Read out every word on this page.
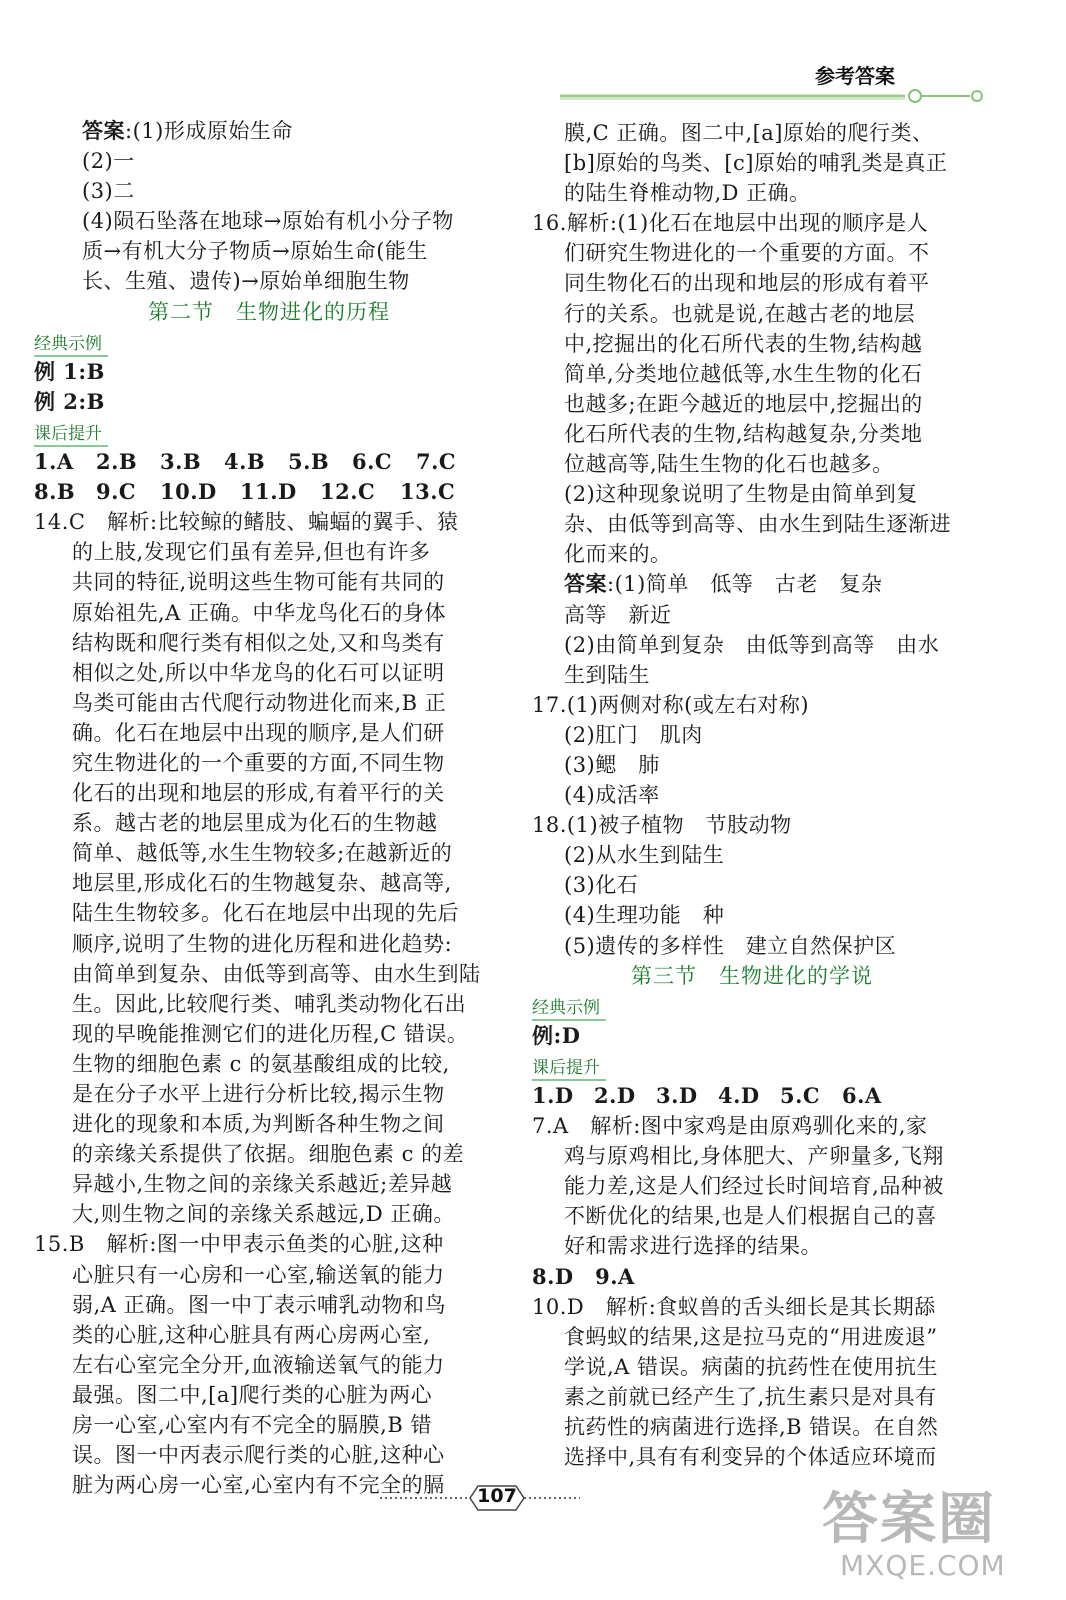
参考答案
答案:(1)形成原始生命
(2)一
(3)二
(4)陨石坠落在地球→原始有机小分子物
质→有机大分子物质→原始生命(能生
长、生殖、遗传)→原始单细胞生物
第二节　生物进化的历程
经典示例
例 1:B
例 2:B
课后提升
1.A	2.B	3.B	4.B	5.B	6.C	7.C
8.B 9.C	10.D	11.D	12.C	13.C
14.C　解析:比较鲸的鳍肢、蝙蝠的翼手、猿
的上肢,发现它们虽有差异,但也有许多
共同的特征,说明这些生物可能有共同的
原始祖先,A 正确。中华龙鸟化石的身体
结构既和爬行类有相似之处,又和鸟类有
相似之处,所以中华龙鸟的化石可以证明
鸟类可能由古代爬行动物进化而来,B 正
确。化石在地层中出现的顺序,是人们研
究生物进化的一个重要的方面,不同生物
化石的出现和地层的形成,有着平行的关
系。越古老的地层里成为化石的生物越
简单、越低等,水生生物较多;在越新近的
地层里,形成化石的生物越复杂、越高等,
陆生生物较多。化石在地层中出现的先后
顺序,说明了生物的进化历程和进化趋势:
由简单到复杂、由低等到高等、由水生到陆
生。因此,比较爬行类、哺乳类动物化石出
现的早晚能推测它们的进化历程,C 错误。
生物的细胞色素 c 的氨基酸组成的比较,
是在分子水平上进行分析比较,揭示生物
进化的现象和本质,为判断各种生物之间
的亲缘关系提供了依据。细胞色素 c 的差
异越小,生物之间的亲缘关系越近;差异越
大,则生物之间的亲缘关系越远,D 正确。
15.B　解析:图一中甲表示鱼类的心脏,这种
心脏只有一心房和一心室,输送氧的能力
弱,A 正确。图一中丁表示哺乳动物和鸟
类的心脏,这种心脏具有两心房两心室,
左右心室完全分开,血液输送氧气的能力
最强。图二中,[a]爬行类的心脏为两心
房一心室,心室内有不完全的膈膜,B 错
误。图一中丙表示爬行类的心脏,这种心
脏为两心房一心室,心室内有不完全的膈
膜,C 正确。图二中,[a]原始的爬行类、
[b]原始的鸟类、[c]原始的哺乳类是真正
的陆生脊椎动物,D 正确。
16.解析:(1)化石在地层中出现的顺序是人
们研究生物进化的一个重要的方面。不
同生物化石的出现和地层的形成有着平
行的关系。也就是说,在越古老的地层
中,挖掘出的化石所代表的生物,结构越
简单,分类地位越低等,水生生物的化石
也越多;在距今越近的地层中,挖掘出的
化石所代表的生物,结构越复杂,分类地
位越高等,陆生生物的化石也越多。
(2)这种现象说明了生物是由简单到复
杂、由低等到高等、由水生到陆生逐渐进
化而来的。
答案:(1)简单　低等　古老　复杂
高等　新近
(2)由简单到复杂　由低等到高等　由水
生到陆生
17.(1)两侧对称(或左右对称)
(2)肛门　肌肉
(3)鳃　肺
(4)成活率
18.(1)被子植物　节肢动物
(2)从水生到陆生
(3)化石
(4)生理功能　种
(5)遗传的多样性　建立自然保护区
第三节　生物进化的学说
经典示例
例:D
课后提升
1.D 2.D 3.D 4.D 5.C	6.A
7.A　解析:图中家鸡是由原鸡驯化来的,家
鸡与原鸡相比,身体肥大、产卵量多,飞翔
能力差,这是人们经过长时间培育,品种被
不断优化的结果,也是人们根据自己的喜
好和需求进行选择的结果。
8.D　9.A
10.D　解析:食蚁兽的舌头细长是其长期舔
食蚂蚁的结果,这是拉马克的“用进废退”
学说,A 错误。病菌的抗药性在使用抗生
素之前就已经产生了,抗生素只是对具有
抗药性的病菌进行选择,B 错误。在自然
选择中,具有有利变异的个体适应环境而
107	答案圈
MXQE.COM
